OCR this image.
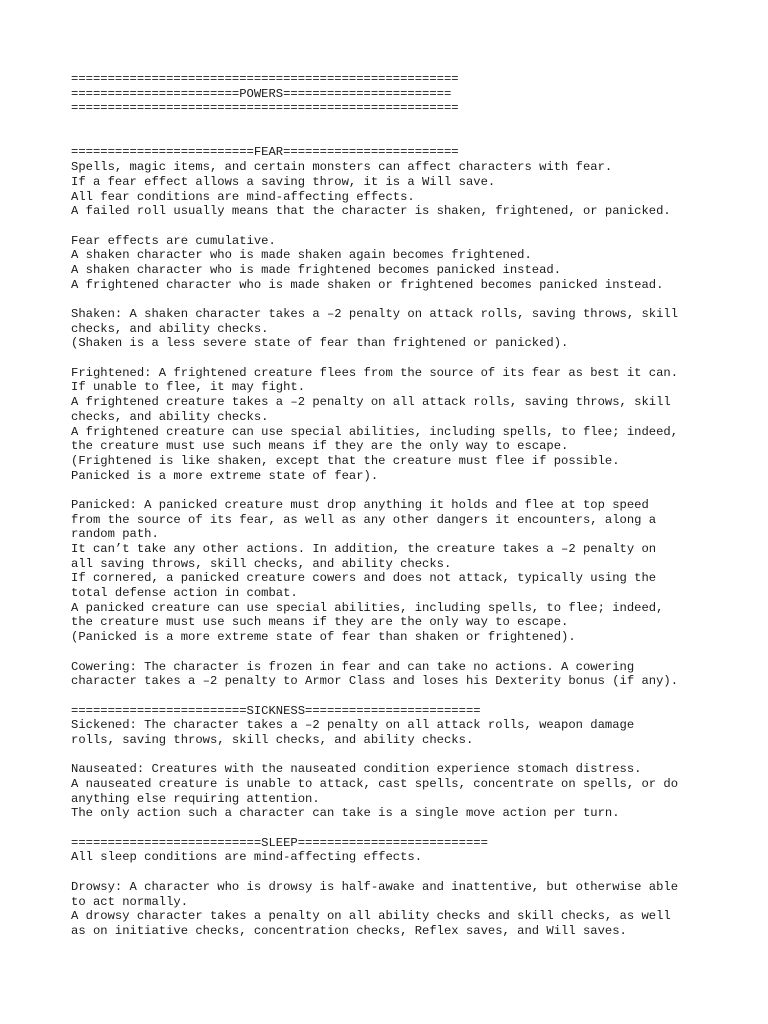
=====================================================
=======================POWERS=======================
=====================================================
=========================FEAR========================
Spells, magic items, and certain monsters can affect characters with fear.
If a fear effect allows a saving throw, it is a Will save.
All fear conditions are mind-affecting effects.
A failed roll usually means that the character is shaken, frightened, or panicked.
Fear effects are cumulative.
A shaken character who is made shaken again becomes frightened.
A shaken character who is made frightened becomes panicked instead.
A frightened character who is made shaken or frightened becomes panicked instead.
Shaken: A shaken character takes a –2 penalty on attack rolls, saving throws, skill
checks, and ability checks.
(Shaken is a less severe state of fear than frightened or panicked).
Frightened: A frightened creature flees from the source of its fear as best it can.
If unable to flee, it may fight.
A frightened creature takes a –2 penalty on all attack rolls, saving throws, skill
checks, and ability checks.
A frightened creature can use special abilities, including spells, to flee; indeed,
the creature must use such means if they are the only way to escape.
(Frightened is like shaken, except that the creature must flee if possible.
Panicked is a more extreme state of fear).
Panicked: A panicked creature must drop anything it holds and flee at top speed
from the source of its fear, as well as any other dangers it encounters, along a
random path.
It can’t take any other actions. In addition, the creature takes a –2 penalty on
all saving throws, skill checks, and ability checks.
If cornered, a panicked creature cowers and does not attack, typically using the
total defense action in combat.
A panicked creature can use special abilities, including spells, to flee; indeed,
the creature must use such means if they are the only way to escape.
(Panicked is a more extreme state of fear than shaken or frightened).
Cowering: The character is frozen in fear and can take no actions. A cowering
character takes a –2 penalty to Armor Class and loses his Dexterity bonus (if any).
========================SICKNESS========================
Sickened: The character takes a –2 penalty on all attack rolls, weapon damage
rolls, saving throws, skill checks, and ability checks.
Nauseated: Creatures with the nauseated condition experience stomach distress.
A nauseated creature is unable to attack, cast spells, concentrate on spells, or do
anything else requiring attention.
The only action such a character can take is a single move action per turn.
==========================SLEEP==========================
All sleep conditions are mind-affecting effects.
Drowsy: A character who is drowsy is half-awake and inattentive, but otherwise able
to act normally.
A drowsy character takes a penalty on all ability checks and skill checks, as well
as on initiative checks, concentration checks, Reflex saves, and Will saves.
